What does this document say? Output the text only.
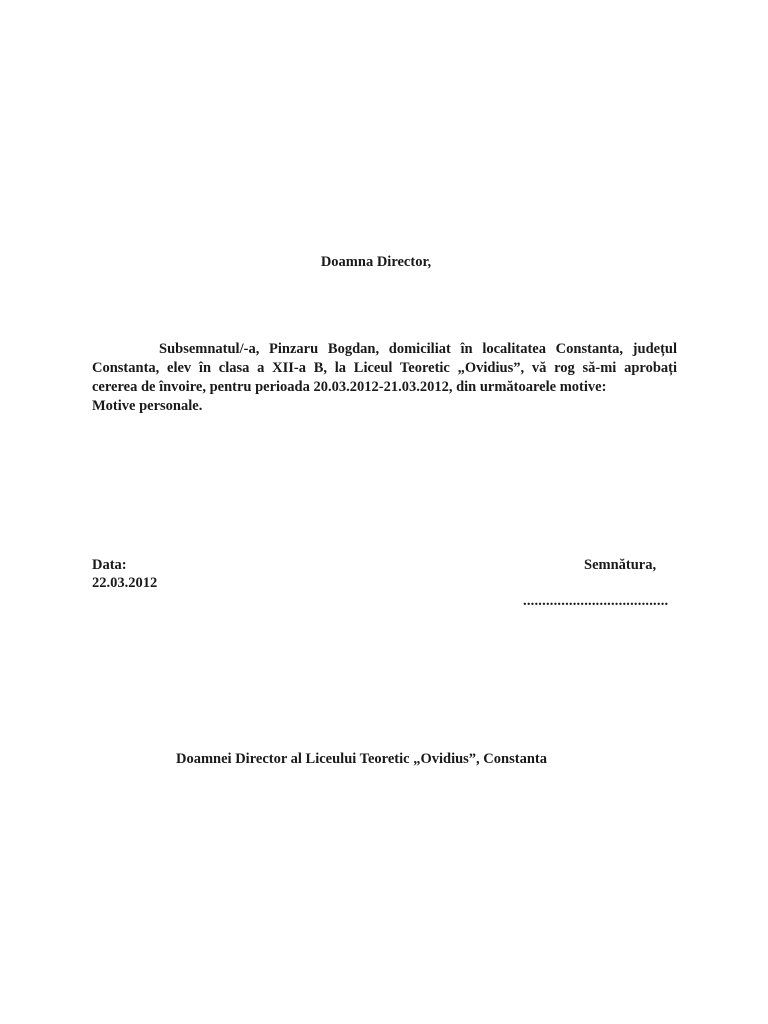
Doamna Director,
Subsemnatul/-a, Pinzaru Bogdan, domiciliat în localitatea Constanta, județul
Constanta, elev în clasa a XII-a B, la Liceul Teoretic „Ovidius”, vă rog să-mi aprobați
cererea de învoire, pentru perioada 20.03.2012-21.03.2012, din următoarele motive:
Motive personale.
Data:
22.03.2012
Semnătura,
......................................
Doamnei Director al Liceului Teoretic „Ovidius”, Constanta
